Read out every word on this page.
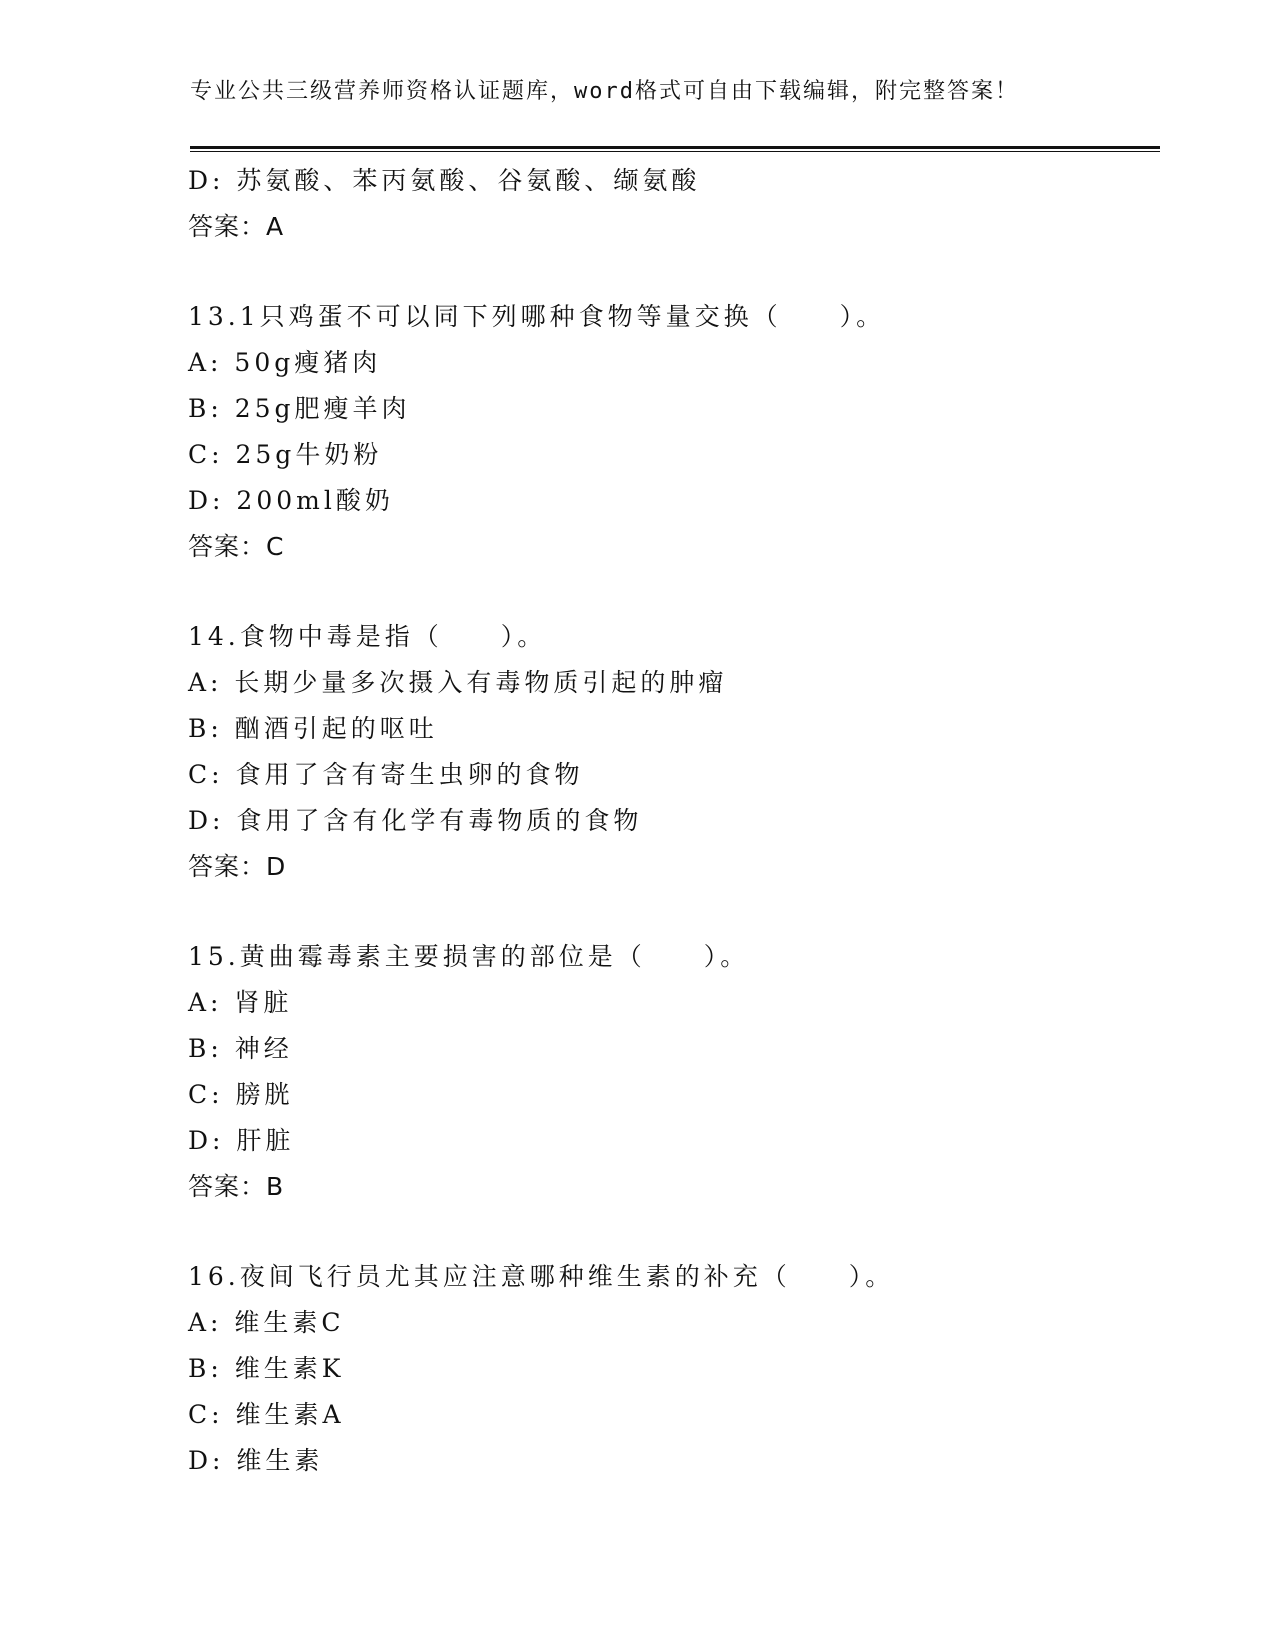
专业公共三级营养师资格认证题库，word格式可自由下载编辑，附完整答案！
D: 苏氨酸、苯丙氨酸、谷氨酸、缬氨酸
答案：A
13.1只鸡蛋不可以同下列哪种食物等量交换（　　）。
A: 50g瘦猪肉
B: 25g肥瘦羊肉
C: 25g牛奶粉
D: 200ml酸奶
答案：C
14.食物中毒是指（　　）。
A: 长期少量多次摄入有毒物质引起的肿瘤
B: 酗酒引起的呕吐
C: 食用了含有寄生虫卵的食物
D: 食用了含有化学有毒物质的食物
答案：D
15.黄曲霉毒素主要损害的部位是（　　）。
A: 肾脏
B: 神经
C: 膀胱
D: 肝脏
答案：B
16.夜间飞行员尤其应注意哪种维生素的补充（　　）。
A: 维生素C
B: 维生素K
C: 维生素A
D: 维生素
